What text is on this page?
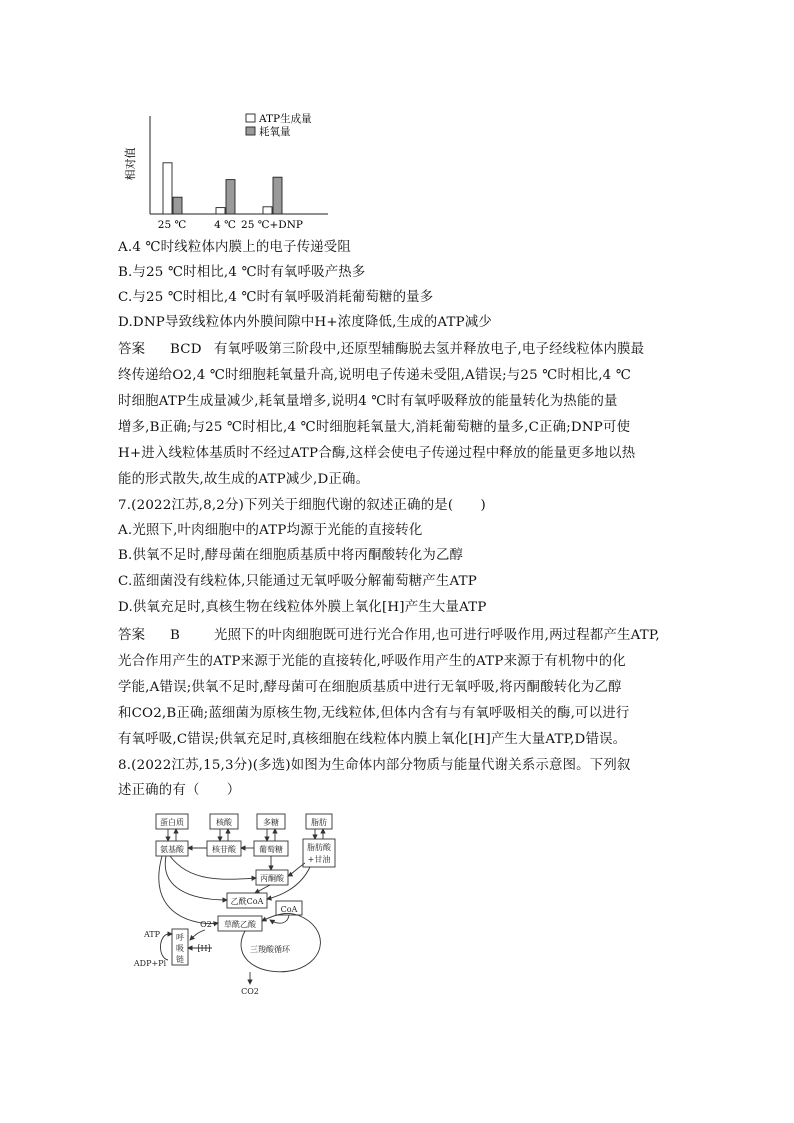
相对值
25 ℃	4 ℃ 25 ℃+DNP
ATP生成量
耗氧量
A.4 ℃时线粒体内膜上的电子传递受阻
B.与25 ℃时相比,4 ℃时有氧呼吸产热多
C.与25 ℃时相比,4 ℃时有氧呼吸消耗葡萄糖的量多
D.DNP导致线粒体内外膜间隙中H+浓度降低,生成的ATP减少
答案 BCD 有氧呼吸第三阶段中,还原型辅酶脱去氢并释放电子,电子经线粒体内膜最
终传递给O2,4 ℃时细胞耗氧量升高,说明电子传递未受阻,A错误;与25 ℃时相比,4 ℃
时细胞ATP生成量减少,耗氧量增多,说明4 ℃时有氧呼吸释放的能量转化为热能的量
增多,B正确;与25 ℃时相比,4 ℃时细胞耗氧量大,消耗葡萄糖的量多,C正确;DNP可使
H+进入线粒体基质时不经过ATP合酶,这样会使电子传递过程中释放的能量更多地以热
能的形式散失,故生成的ATP减少,D正确。
7.(2022江苏,8,2分)下列关于细胞代谢的叙述正确的是(　　)
A.光照下,叶肉细胞中的ATP均源于光能的直接转化
B.供氧不足时,酵母菌在细胞质基质中将丙酮酸转化为乙醇
C.蓝细菌没有线粒体,只能通过无氧呼吸分解葡萄糖产生ATP
D.供氧充足时,真核生物在线粒体外膜上氧化[H]产生大量ATP
答案 B	光照下的叶肉细胞既可进行光合作用,也可进行呼吸作用,两过程都产生ATP,
光合作用产生的ATP来源于光能的直接转化,呼吸作用产生的ATP来源于有机物中的化
学能,A错误;供氧不足时,酵母菌可在细胞质基质中进行无氧呼吸,将丙酮酸转化为乙醇
和CO2,B正确;蓝细菌为原核生物,无线粒体,但体内含有与有氧呼吸相关的酶,可以进行
有氧呼吸,C错误;供氧充足时,真核细胞在线粒体内膜上氧化[H]产生大量ATP,D错误。
8.(2022江苏,15,3分)(多选)如图为生命体内部分物质与能量代谢关系示意图。下列叙
述正确的有（　　）
蛋白质	核酸	多糖	脂肪
氨基酸	核苷酸	葡萄糖	脂肪酸
+甘油
丙酮酸
乙酰CoA
CoA
草酰乙酸
O2
[H]	三羧酸循环
CO2
ATP
ADP+Pi
呼
吸
链
